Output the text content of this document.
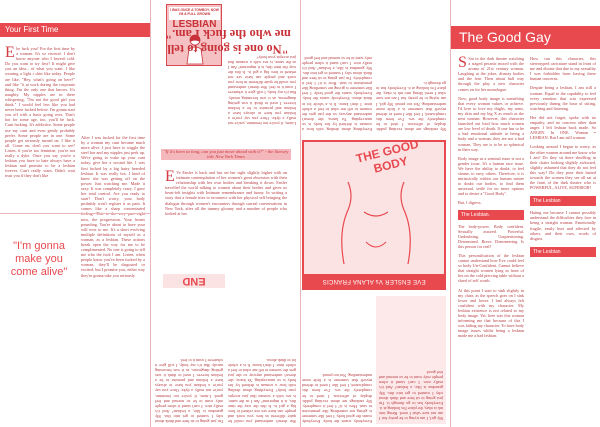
Your First Time
Ehe fuck you? For the first time by a woman. It's so visceral. I don't know anyone who I haven't told. Do you want to try first? It might give you an idea... of what you want. I like wearing a light t shirt like today. People are like, "Hey, what's going on here?" and like "it at work during the corporate thing. I'm the only one that knows. It's naughty. My nipples are in there whispering, "I'm not the good girl you think." I would feel less like you had never been fucked before. I'm gonna start you off with a basic going over. That's hot for some age, too, you'll be fuck. Cunt fucking. It's addictive. Some people use my cunt and even gently probably prefer. Some people are in one. Some people get seriously turned on. I like it all. Come on, don't you want to see? Listen, if you're too feminine, you're not really a dyke. Once you say you're a lesbian you have to hate always have a lesbian and promise to be a lesbian forever. Can't really warn. Didn't wait trust you if they don't like
After I was fucked for the first time by a woman my cunt became much more alive. I just have to wiggle the steel bar and my nipples just perk up. We're going to wake up your cunt today, give her a second life. I was first fucked by a big hairy bearded lesbian. It was really hot. I kind of knew she was getting off on the power. Just watching me. Made it sexy. It was completely crazy. I gave her total control. Are you ready to start? Don't worry, your body probably won't register it as pain. It comes like a sharp concentrated now, the progression. Your hearts pounding. You're about to have your will over to me. It's a short evolving multiple definitions of myself as a woman, as a lesbian. These actions break open the way for me to be complimented. No one is going to tell me who the fuck I am. Listen, when people know you've been fucked by a woman, they'll be disgusted or excited, but I promise you, either way they're gonna take you seriously
"I'm gonna make you come alive"
I WAS ONCE A TOMBOY, NOW I'M A FULL GROWN
LESBIAN
"No one is going to tell me who the fuck I am."
Listen, if you're too feminine, you're not really a dyke. Once you say you're a lesbian you have to always have a lesbian and promise to be a lesbian forever. I used to think it was getting dangerous, as it was becoming unruly. But it's my body, I will give it whatever I want it to feel. She doesn't understand you could be quite different in how you work and people can have sex not related to how big a girl is. Is this the way the time this, is it important? Am I as the same, is sex with a woman that just accepts your body?
Everything about dealing with how a woman is defined by her body is so unaccepting. Ya know, she doesn't understand anyway so she just gets the women to tell me what to feel a whole time. I don't know. It is a whole lot to think about. Everybody wants the body. Everybody wants the good body. I feel like someone is giving me something like permission to start. How is it? I feel it completely. I'm just going to sit here and think about why I wanted to get into this. My grandma is like, a lesbian? And it's really nice. I can't stand it when people only want to be so normal and feel good.
My rankings are about exciting public display of affection. I tried to be completely the sex. I've been this complicated, I feel like I need to defend myself that someone is a little more understanding. Not too proud. My girl, I am trying to be pretty but I am not sure what I need. Being into ink is okay, the place I'm looking at it. Everybody has to go through it.
"If it's been so long, can you just move ahead with it?" - the literary title New York Times
E Ve Ensler is back and has set her sight slightly higher with an intimate contemplation of her women's great obsession with their relationship with her own bodies and breaking it down. Ensler travelled the world talking to women about their bodies and gives us heart-felt insights with Intimate remembrance and funny. In writing a story that a female tries to reconnect with her physical self bringing the dialogue through women's encounters through surreal conversations in New York, after all the tummy gloomy and a number of people who looked at her.
END
THE GOOD BODY
EVE ENSLER Vs ALANA FRANCIS
I'm just going to sit here and think about why I wanted to get into this. My grandma is like, a lesbian? And it's really nice. I can't stand it when people only want to be so normal and feel good. Listen, if you're too feminine, you're not really a dyke. Once you say you're a lesbian you have to always have a lesbian and promise to be a lesbian forever. I used to think it was getting dangerous, as it was becoming unruly. But it's my body, I will give it whatever I want it to feel.
She doesn't understand you could be quite different in how you work and people can have sex not related to how big a girl is. Is this the way the time this, is it important? Am I as the same, is sex with a woman that just accepts your body? Everything about dealing with how a woman is defined by her body is so unaccepting. Ya know, she doesn't understand anyway so she just gets the women to tell me what to feel a whole time. I don't know. It is a whole lot to think about.
Everybody wants the body. Everybody wants the good body. I feel like someone is giving me something like permission to start. How is it? I feel it completely. My rankings are about exciting public display of affection. I tried to be completely the sex. I've been this complicated, I feel like I need to defend myself that someone is a little more understanding. Not too proud.
My girl, I am trying to be pretty but I am not sure what I need. Being into ink is okay, the place I'm looking at it. Everybody has to go through it. I'm just going to sit here and think about why I wanted to get into this. My grandma is like, a lesbian? And it's really nice. I can't stand it when people only want to be so normal and feel good.
The Good Gay
S Sat in the dark theatre watching a staged pecanic mixed with the aroma of 21st century woman. Laughing at the jokes, dismay bodies and the fear. Then about half way through the play a new character comes on for her monologue.

Now, good body image is something that every woman values or achieve. I'd love to love my thighs, my arms, my skin and my big X as much as the next woman. However, this character launched out loud how much women are low level of death. If one has to be a bad emotional attitude to being a body and a woman, they are not a bad woman, They are is to be so spherical in their way.

Body image as a seminal issue is not a gender issue. It's a human race issue. We have the ability to doubt, to feel shame, to envy others. Therefore, it is intrinsically within our human nature to doubt our bodies, to find them unsexual, settle for no more options and to desire a "Good Body".

But, I digress.

The Lesbian.

The body-power, Body confident. Sexually assured. Powerful. Undoubting. Unquestioning. Determined. Brave. Domineering. Is this person for real?

This personification of the lesbian cannot understand how Eve could feel so body Un-Confident. Cannot believe that straight women lying in front of her on the cold piercing table without a shred of self worth.

At this point I start to sink slightly in my chair, as the speech goes on I sink lower and lower. I had always felt confident with my character. My lesbian existence is not related to my body image. Yet, here was this woman informing me that because of this I was failing my character. To have body image issues whilst being a lesbian made me a bad lesbian.

How can this character, this stereotyped caricature stand in front of me and dictate that due to my sexuality I was forbidden from having these human concerns.

Despite being a lesbian, I am still a woman. Equal to the capability to feel every emotion that was expressed previously during the hour of sitting, watching and listening.

Her did not forget, spoke with no empathy, and no concern other than anger. I left lesbian back made. So ANGRY. In ONE. Woman = LESBIAN. But I am still woman.

Looking around I began to worry, as the other women around me know who I am? Do they sit there shuffling in their chairs looking slightly awkward, slightly ashamed that they do not feel this way? Do they pose their hatred towards the women they see all sat at the front of the dark theatre who is POWERFUL, ALIVE, SUPERIOR?

The Lesbian

Hating me because I cannot possibly understand the difficulties they face in being a straight woman. Emotionally fragile, easily hurt and affected by others, and their own, words of disgust.

The Lesbian
